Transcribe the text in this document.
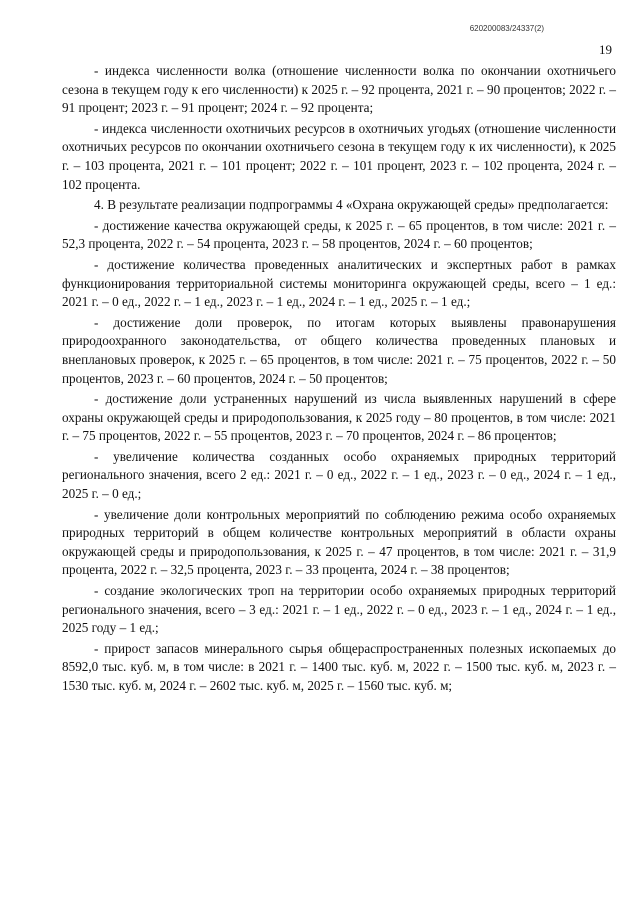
620200083/24337(2)
19

- индекса численности волка (отношение численности волка по окончании охотничьего сезона в текущем году к его численности) к 2025 г. – 92 процента, 2021 г. – 90 процентов; 2022 г. – 91 процент; 2023 г. – 91 процент; 2024 г. – 92 процента;

- индекса численности охотничьих ресурсов в охотничьих угодьях (отношение численности охотничьих ресурсов по окончании охотничьего сезона в текущем году к их численности), к 2025 г. – 103 процента, 2021 г. – 101 процент; 2022 г. – 101 процент, 2023 г. – 102 процента, 2024 г. – 102 процента.

4. В результате реализации подпрограммы 4 «Охрана окружающей среды» предполагается:

- достижение качества окружающей среды, к 2025 г. – 65 процентов, в том числе: 2021 г. – 52,3 процента, 2022 г. – 54 процента, 2023 г. – 58 процентов, 2024 г. – 60 процентов;

- достижение количества проведенных аналитических и экспертных работ в рамках функционирования территориальной системы мониторинга окружающей среды, всего – 1 ед.: 2021 г. – 0 ед., 2022 г. – 1 ед., 2023 г. – 1 ед., 2024 г. – 1 ед., 2025 г. – 1 ед.;

- достижение доли проверок, по итогам которых выявлены правонарушения природоохранного законодательства, от общего количества проведенных плановых и внеплановых проверок, к 2025 г. – 65 процентов, в том числе: 2021 г. – 75 процентов, 2022 г. – 50 процентов, 2023 г. – 60 процентов, 2024 г. – 50 процентов;

- достижение доли устраненных нарушений из числа выявленных нарушений в сфере охраны окружающей среды и природопользования, к 2025 году – 80 процентов, в том числе: 2021 г. – 75 процентов, 2022 г. – 55 процентов, 2023 г. – 70 процентов, 2024 г. – 86 процентов;

- увеличение количества созданных особо охраняемых природных территорий регионального значения, всего 2 ед.: 2021 г. – 0 ед., 2022 г. – 1 ед., 2023 г. – 0 ед., 2024 г. – 1 ед., 2025 г. – 0 ед.;

- увеличение доли контрольных мероприятий по соблюдению режима особо охраняемых природных территорий в общем количестве контрольных мероприятий в области охраны окружающей среды и природопользования, к 2025 г. – 47 процентов, в том числе: 2021 г. – 31,9 процента, 2022 г. – 32,5 процента, 2023 г. – 33 процента, 2024 г. – 38 процентов;

- создание экологических троп на территории особо охраняемых природных территорий регионального значения, всего – 3 ед.: 2021 г. – 1 ед., 2022 г. – 0 ед., 2023 г. – 1 ед., 2024 г. – 1 ед., 2025 году – 1 ед.;

- прирост запасов минерального сырья общераспространенных полезных ископаемых до 8592,0 тыс. куб. м, в том числе: в 2021 г. – 1400 тыс. куб. м, 2022 г. – 1500 тыс. куб. м, 2023 г. – 1530 тыс. куб. м, 2024 г. – 2602 тыс. куб. м, 2025 г. – 1560 тыс. куб. м;
